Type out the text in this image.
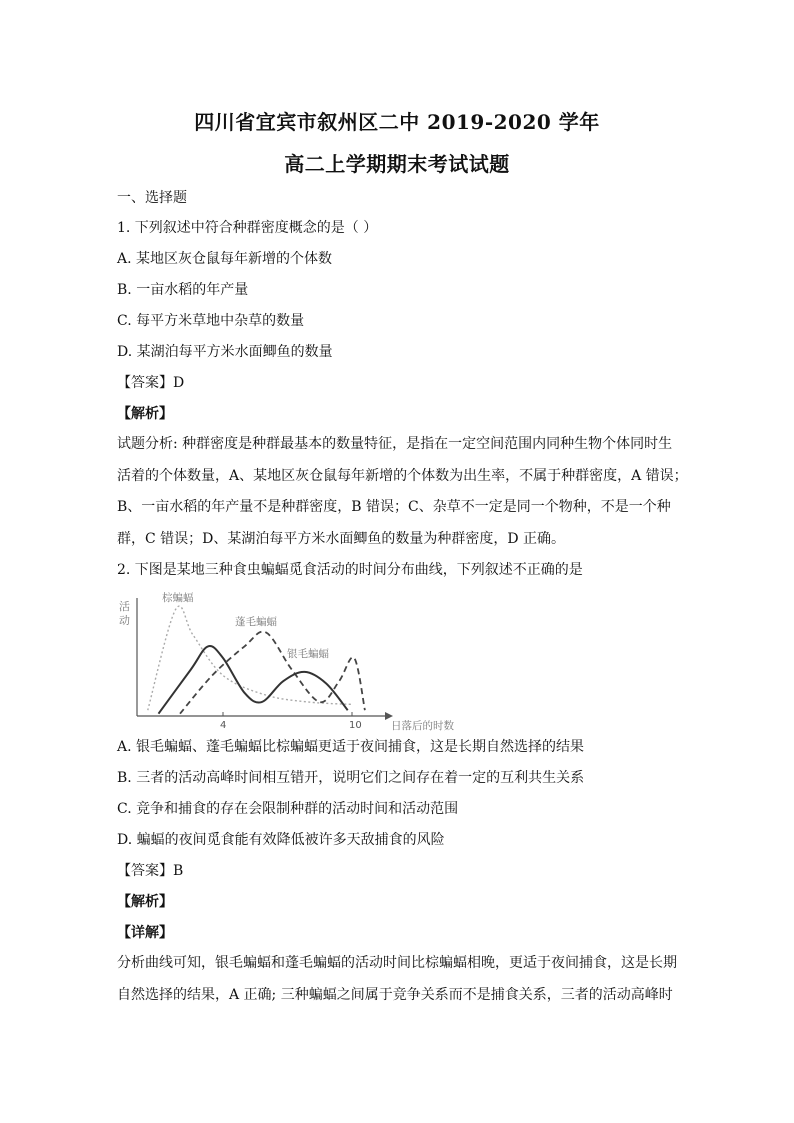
四川省宜宾市叙州区二中 2019-2020 学年
高二上学期期末考试试题
一、选择题
1. 下列叙述中符合种群密度概念的是（ ）
A. 某地区灰仓鼠每年新增的个体数
B. 一亩水稻的年产量
C. 每平方米草地中杂草的数量
D. 某湖泊每平方米水面鲫鱼的数量
【答案】D
【解析】
试题分析: 种群密度是种群最基本的数量特征，是指在一定空间范围内同种生物个体同时生
活着的个体数量，A、某地区灰仓鼠每年新增的个体数为出生率，不属于种群密度，A 错误；
B、一亩水稻的年产量不是种群密度，B 错误；C、杂草不一定是同一个物种，不是一个种
群，C 错误；D、某湖泊每平方米水面鲫鱼的数量为种群密度，D 正确。
2. 下图是某地三种食虫蝙蝠觅食活动的时间分布曲线，下列叙述不正确的是
活
动
4	10
棕蝙蝠
蓬毛蝙蝠
银毛蝙蝠
日落后的时数
A. 银毛蝙蝠、蓬毛蝙蝠比棕蝙蝠更适于夜间捕食，这是长期自然选择的结果
B. 三者的活动高峰时间相互错开，说明它们之间存在着一定的互利共生关系
C. 竞争和捕食的存在会限制种群的活动时间和活动范围
D. 蝙蝠的夜间觅食能有效降低被许多天敌捕食的风险
【答案】B
【解析】
【详解】
分析曲线可知，银毛蝙蝠和蓬毛蝙蝠的活动时间比棕蝙蝠相晚，更适于夜间捕食，这是长期
自然选择的结果，A 正确; 三种蝙蝠之间属于竞争关系而不是捕食关系，三者的活动高峰时
